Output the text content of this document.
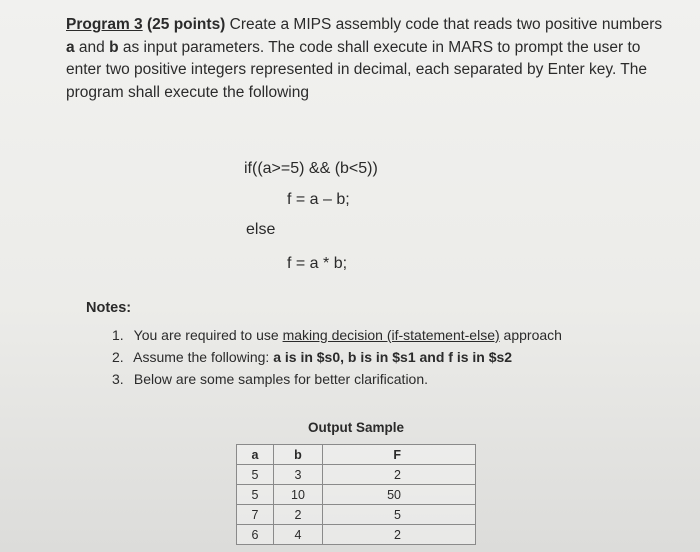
Program 3 (25 points) Create a MIPS assembly code that reads two positive numbers a and b as input parameters. The code shall execute in MARS to prompt the user to enter two positive integers represented in decimal, each separated by Enter key. The program shall execute the following
if((a>=5) && (b<5))
f = a – b;
else
f = a * b;
Notes:
1. You are required to use making decision (if-statement-else) approach
2. Assume the following: a is in $s0, b is in $s1 and f is in $s2
3. Below are some samples for better clarification.
Output Sample
a	b	F
5	3	2
5	10	50
7	2	5
6	4	2
